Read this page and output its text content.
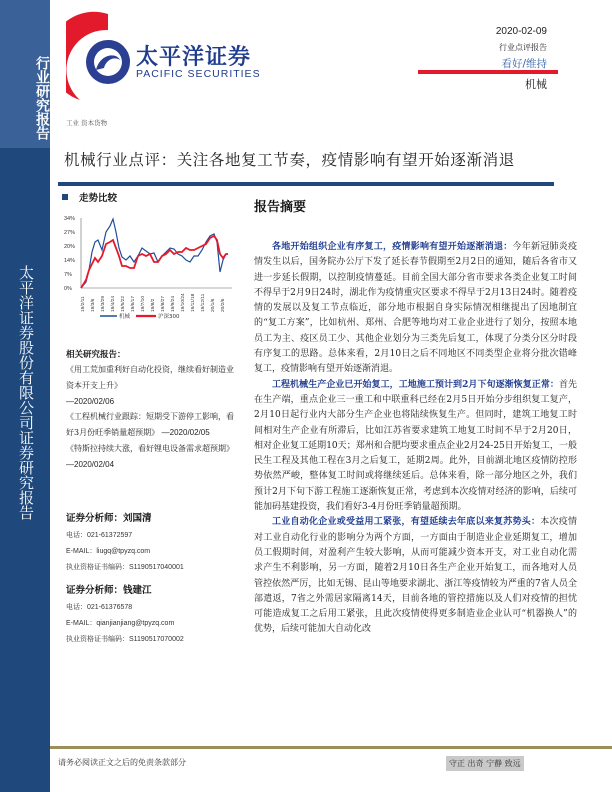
行业研究报告
太平洋证券股份有限公司证券研究报告
太平洋证券
PACIFIC SECURITIES
2020-02-09
行业点评报告
看好/维持
机械
工业 资本货物
机械行业点评：关注各地复工节奏，疫情影响有望开始逐渐消退
走势比较
34%
27%
20%
14%
7%
0%
19/2/11 19/3/6 19/3/29 19/4/24 19/5/22 19/6/17 19/7/10 19/8/2 19/8/27 19/9/24 19/10/24 19/11/18 19/12/11 20/1/6 20/2/6
机械	沪深300
相关研究报告：
《用工荒加重利好自动化投资，继续看好制造业资本开支上升》
—2020/02/06
《工程机械行业跟踪：短期受下游停工影响，看好3月份旺季销量超预期》 —2020/02/05
《特斯拉持续大涨，看好锂电设备需求超预期》 —2020/02/04
证券分析师：刘国清
电话：021-61372597
E-MAIL：liugq@tpyzq.com
执业资格证书编码：S1190517040001
证券分析师：钱建江
电话：021-61376578
E-MAIL：qianjianjiang@tpyzq.com
执业资格证书编码：S1190517070002
报告摘要

各地开始组织企业有序复工，疫情影响有望开始逐渐消退：今年新冠肺炎疫情发生以后，国务院办公厅下发了延长春节假期至2月2日的通知，随后各省市又进一步延长假期，以控制疫情蔓延。目前全国大部分省市要求各类企业复工时间不得早于2月9日24时，湖北作为疫情重灾区要求不得早于2月13日24时。随着疫情的发展以及复工节点临近，部分地市根据自身实际情况相继提出了因地制宜的“复工方案”，比如杭州、郑州、合肥等地均对工业企业进行了划分，按照本地员工为主、疫区员工少、其他企业划分为三类先后复工，体现了分类分区分时段有序复工的思路。总体来看，2月10日之后不同地区不同类型企业将分批次错峰复工，疫情影响有望开始逐渐消退。

工程机械生产企业已开始复工，工地施工预计到2月下旬逐渐恢复正常：首先在生产端，重点企业三一重工和中联重科已经在2月5日开始分步组织复工复产，2月10日起行业内大部分生产企业也将陆续恢复生产。但同时，建筑工地复工时间相对生产企业有所滞后，比如江苏省要求建筑工地复工时间不早于2月20日，相对企业复工延期10天；郑州和合肥均要求重点企业2月24-25日开始复工，一般民生工程及其他工程在3月之后复工，延期2周。此外，目前湖北地区疫情防控形势依然严峻，整体复工时间或将继续延后。总体来看，除一部分地区之外，我们预计2月下旬下游工程施工逐渐恢复正常，考虑到本次疫情对经济的影响，后续可能加码基建投资，我们看好3-4月份旺季销量超预期。

工业自动化企业或受益用工紧张，有望延续去年底以来复苏势头：本次疫情对工业自动化行业的影响分为两个方面，一方面由于制造业企业延期复工，增加员工假期时间，对盈利产生较大影响，从而可能减少资本开支，对工业自动化需求产生不利影响，另一方面，随着2月10日各生产企业开始复工，而各地对人员管控依然严厉，比如无锡、昆山等地要求湖北、浙江等疫情较为严重的7省人员全部遣返，7省之外需居家隔离14天，目前各地的管控措施以及人们对疫情的担忧可能造成复工之后用工紧张，且此次疫情使得更多制造业企业认可“机器换人”的优势，后续可能加大自动化改

请务必阅读正文之后的免责条款部分	守正 出奇 宁静 致远
